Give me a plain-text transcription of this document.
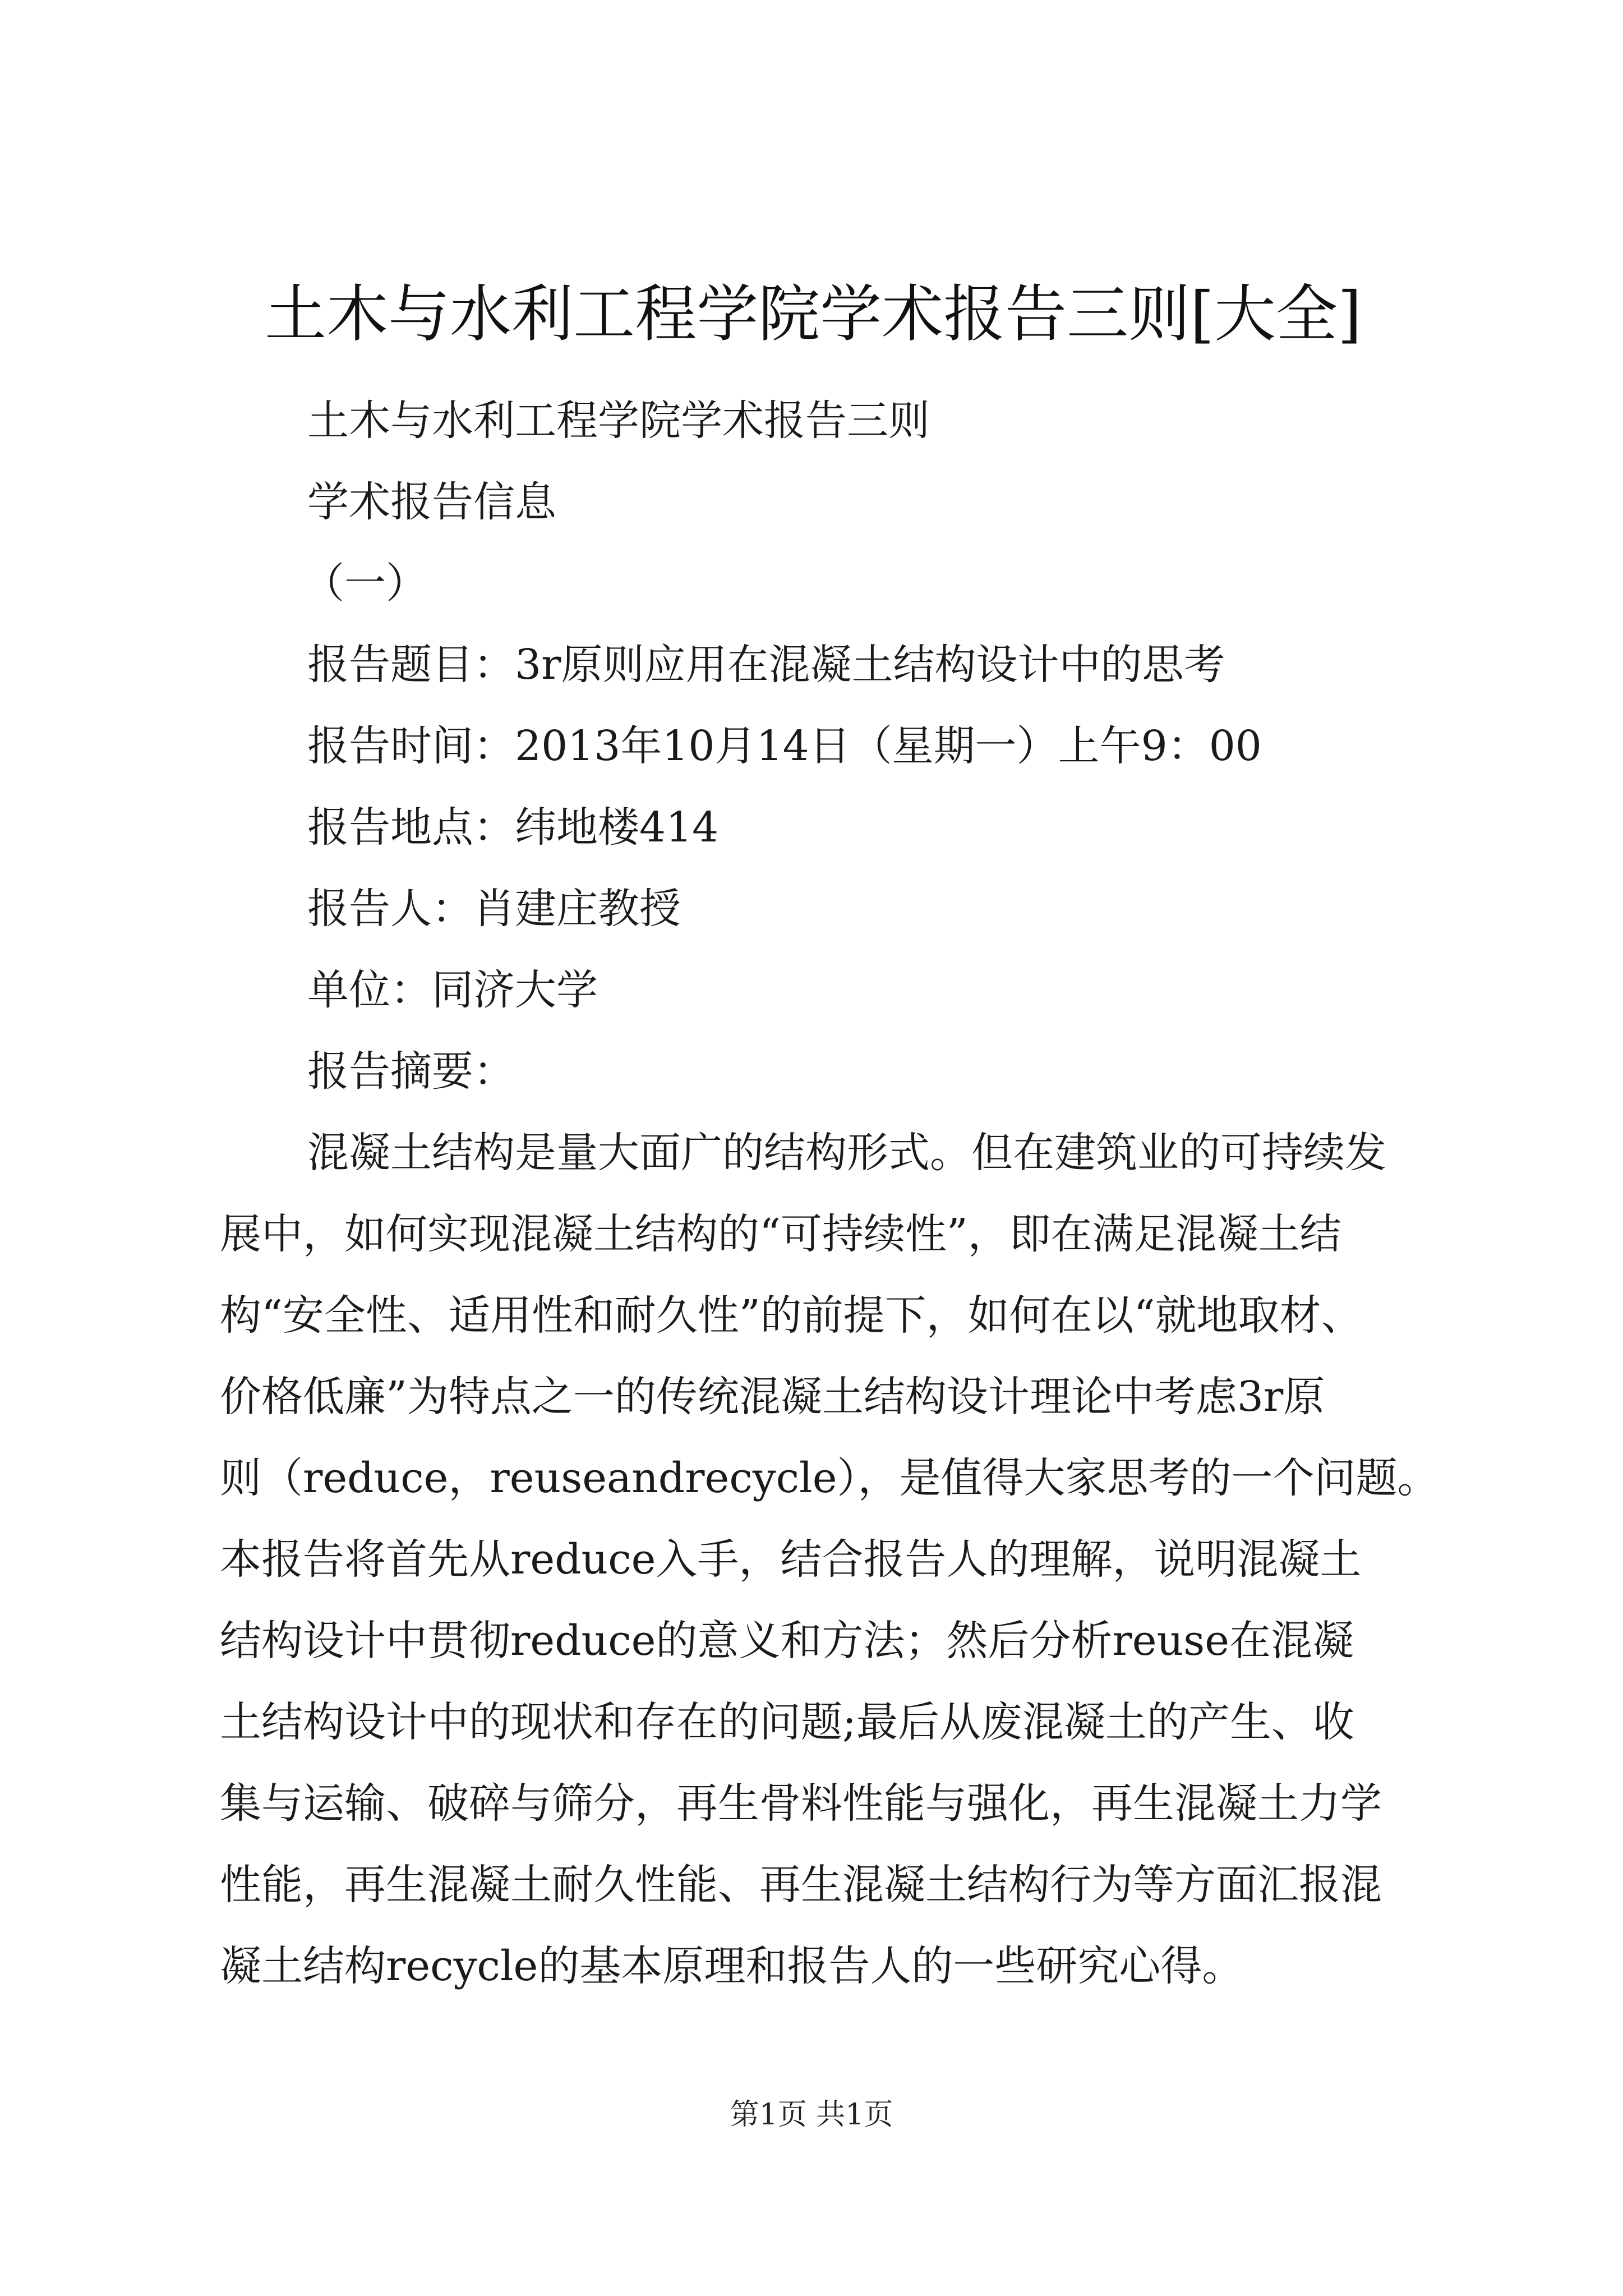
土木与水利工程学院学术报告三则[大全]
土木与水利工程学院学术报告三则
学术报告信息
（一）
报告题目：3r原则应用在混凝土结构设计中的思考
报告时间：2013年10月14日（星期一）上午9：00
报告地点：纬地楼414
报告人：肖建庄教授
单位：同济大学
报告摘要：
混凝土结构是量大面广的结构形式。但在建筑业的可持续发
展中，如何实现混凝土结构的“可持续性”，即在满足混凝土结
构“安全性、适用性和耐久性”的前提下，如何在以“就地取材、
价格低廉”为特点之一的传统混凝土结构设计理论中考虑3r原
则（reduce，reuseandrecycle），是值得大家思考的一个问题。
本报告将首先从reduce入手，结合报告人的理解，说明混凝土
结构设计中贯彻reduce的意义和方法；然后分析reuse在混凝
土结构设计中的现状和存在的问题;最后从废混凝土的产生、收
集与运输、破碎与筛分，再生骨料性能与强化，再生混凝土力学
性能，再生混凝土耐久性能、再生混凝土结构行为等方面汇报混
凝土结构recycle的基本原理和报告人的一些研究心得。
第1页 共1页
